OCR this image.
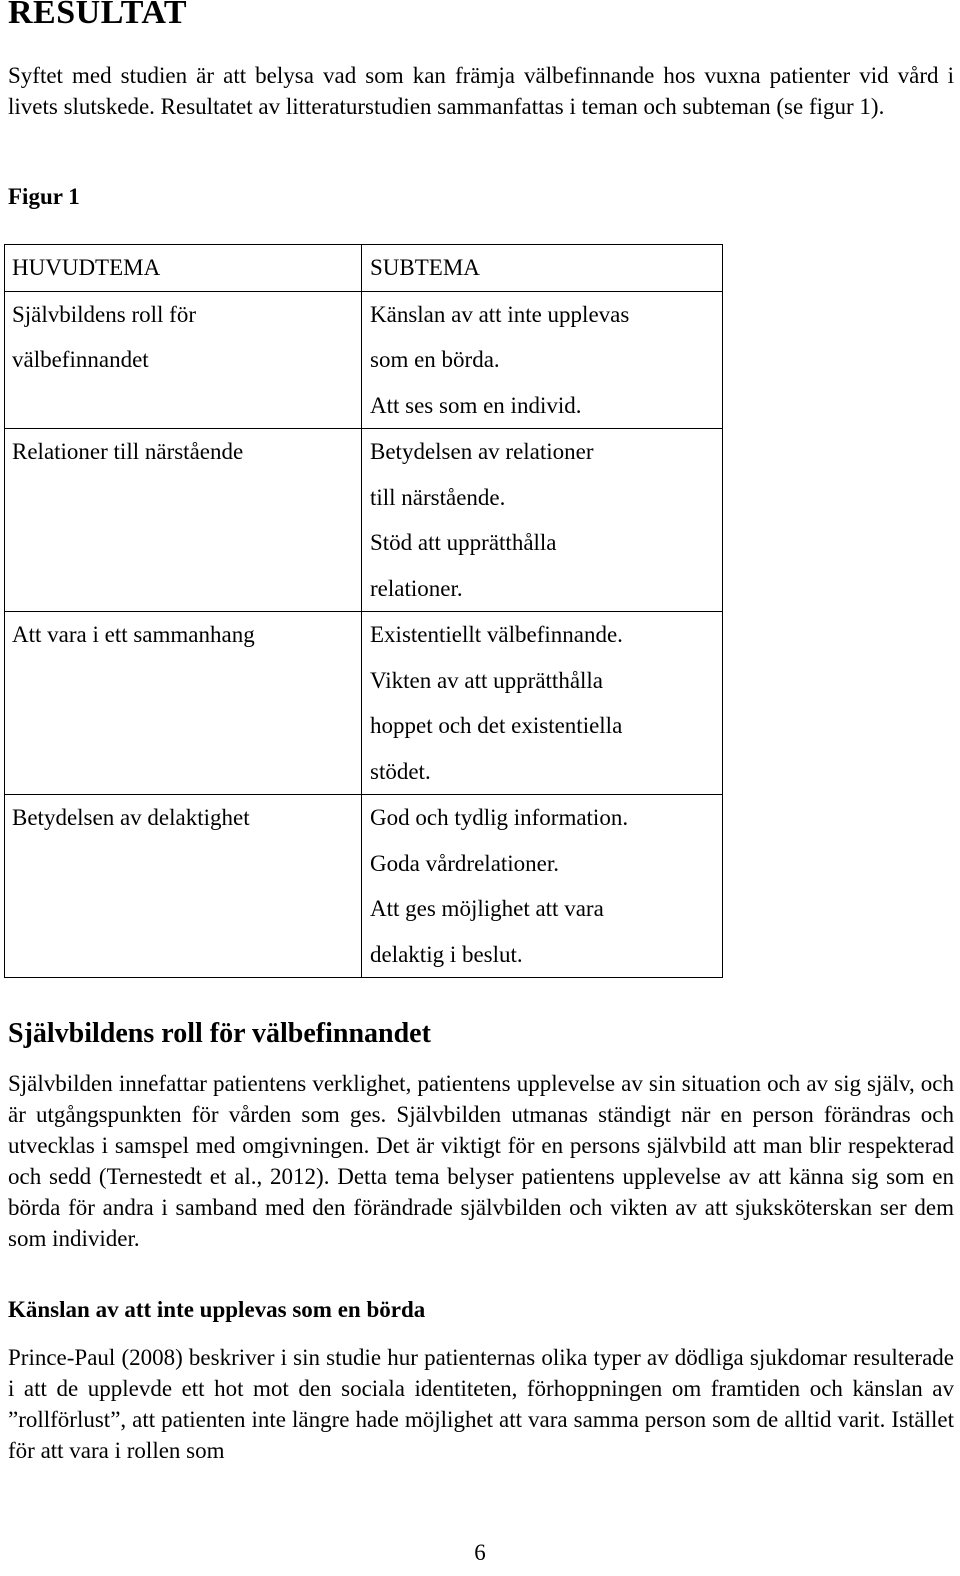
RESULTAT

Syftet med studien är att belysa vad som kan främja välbefinnande hos vuxna patienter vid vård i livets slutskede. Resultatet av litteraturstudien sammanfattas i teman och subteman (se figur 1).

Figur 1

HUVUDTEMA	SUBTEMA

Självbildens roll för
välbefinnandet	Känslan av att inte upplevas
som en börda.
Att ses som en individ.

Relationer till närstående	Betydelsen av relationer
till närstående.
Stöd att upprätthålla
relationer.

Att vara i ett sammanhang	Existentiellt välbefinnande.
Vikten av att upprätthålla
hoppet och det existentiella
stödet.

Betydelsen av delaktighet	God och tydlig information.
Goda vårdrelationer.
Att ges möjlighet att vara
delaktig i beslut.
Självbildens roll för välbefinnandet

Självbilden innefattar patientens verklighet, patientens upplevelse av sin situation och av sig själv, och är utgångspunkten för vården som ges. Självbilden utmanas ständigt när en person förändras och utvecklas i samspel med omgivningen. Det är viktigt för en persons självbild att man blir respekterad och sedd (Ternestedt et al., 2012). Detta tema belyser patientens upplevelse av att känna sig som en börda för andra i samband med den förändrade självbilden och vikten av att sjuksköterskan ser dem som individer.

Känslan av att inte upplevas som en börda

Prince-Paul (2008) beskriver i sin studie hur patienternas olika typer av dödliga sjukdomar resulterade i att de upplevde ett hot mot den sociala identiteten, förhoppningen om framtiden och känslan av ”rollförlust”, att patienten inte längre hade möjlighet att vara samma person som de alltid varit. Istället för att vara i rollen som

6
